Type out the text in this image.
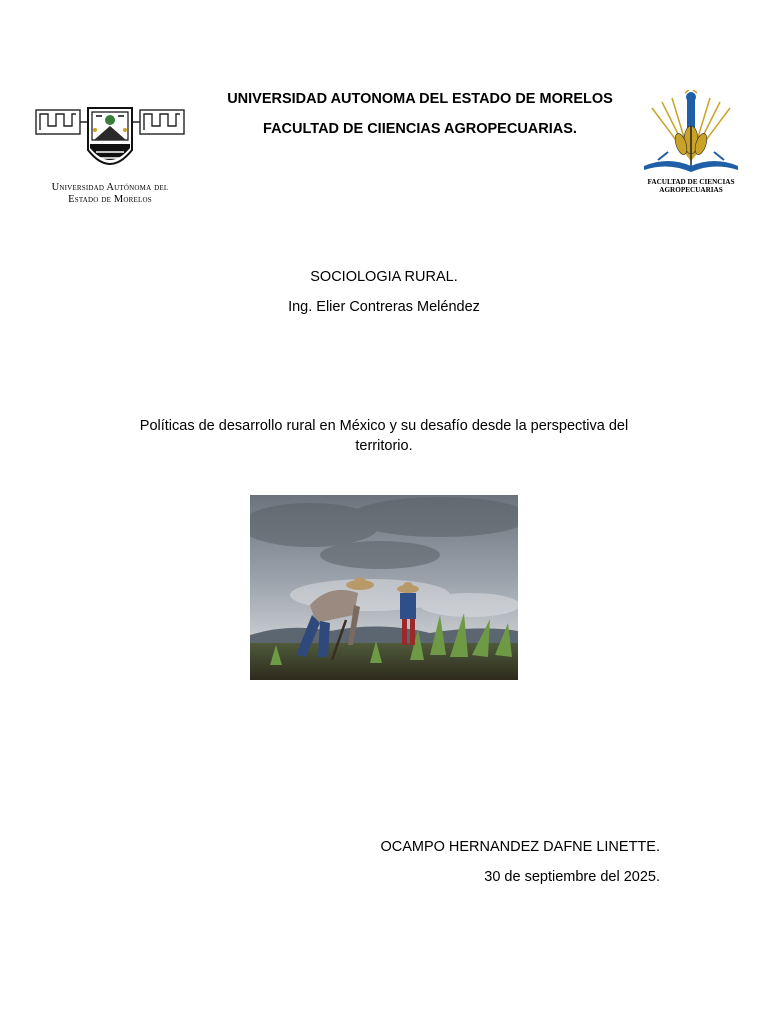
Universidad Autónoma del
Estado de Morelos
UNIVERSIDAD AUTONOMA DEL ESTADO DE MORELOS
FACULTAD DE CIIENCIAS AGROPECUARIAS.
FACULTAD DE CIENCIAS
AGROPECUARIAS
SOCIOLOGIA RURAL.
Ing. Elier Contreras Meléndez
Políticas de desarrollo rural en México y su desafío desde la perspectiva del territorio.
OCAMPO HERNANDEZ DAFNE LINETTE.
30 de septiembre del 2025.
